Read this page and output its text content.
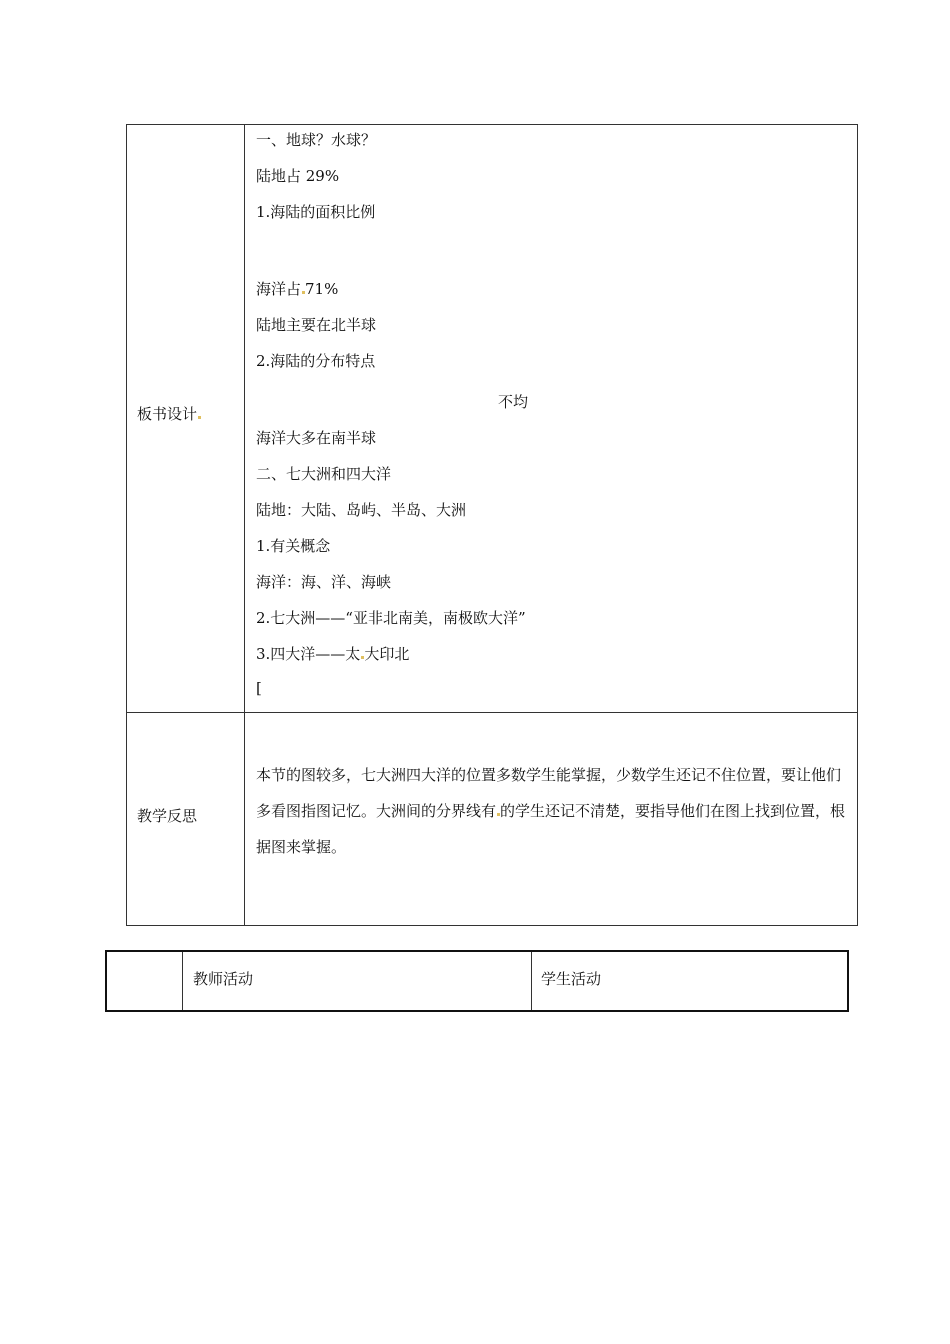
板书设计
一、地球？水球？
陆地占 29%
1.海陆的面积比例
海洋占 71%
陆地主要在北半球
2.海陆的分布特点
不均
海洋大多在南半球
二、七大洲和四大洋
陆地：大陆、岛屿、半岛、大洲
1.有关概念
海洋：海、洋、海峡
2.七大洲——“亚非北南美，南极欧大洋”
3.四大洋——太 大印北
[
教学反思
本节的图较多，七大洲四大洋的位置多数学生能掌握，少数学生还记不住位置，要让他们多看图指图记忆。大洲间的分界线有 的学生还记不清楚，要指导他们在图上找到位置，根据图来掌握。
教师活动	学生活动
